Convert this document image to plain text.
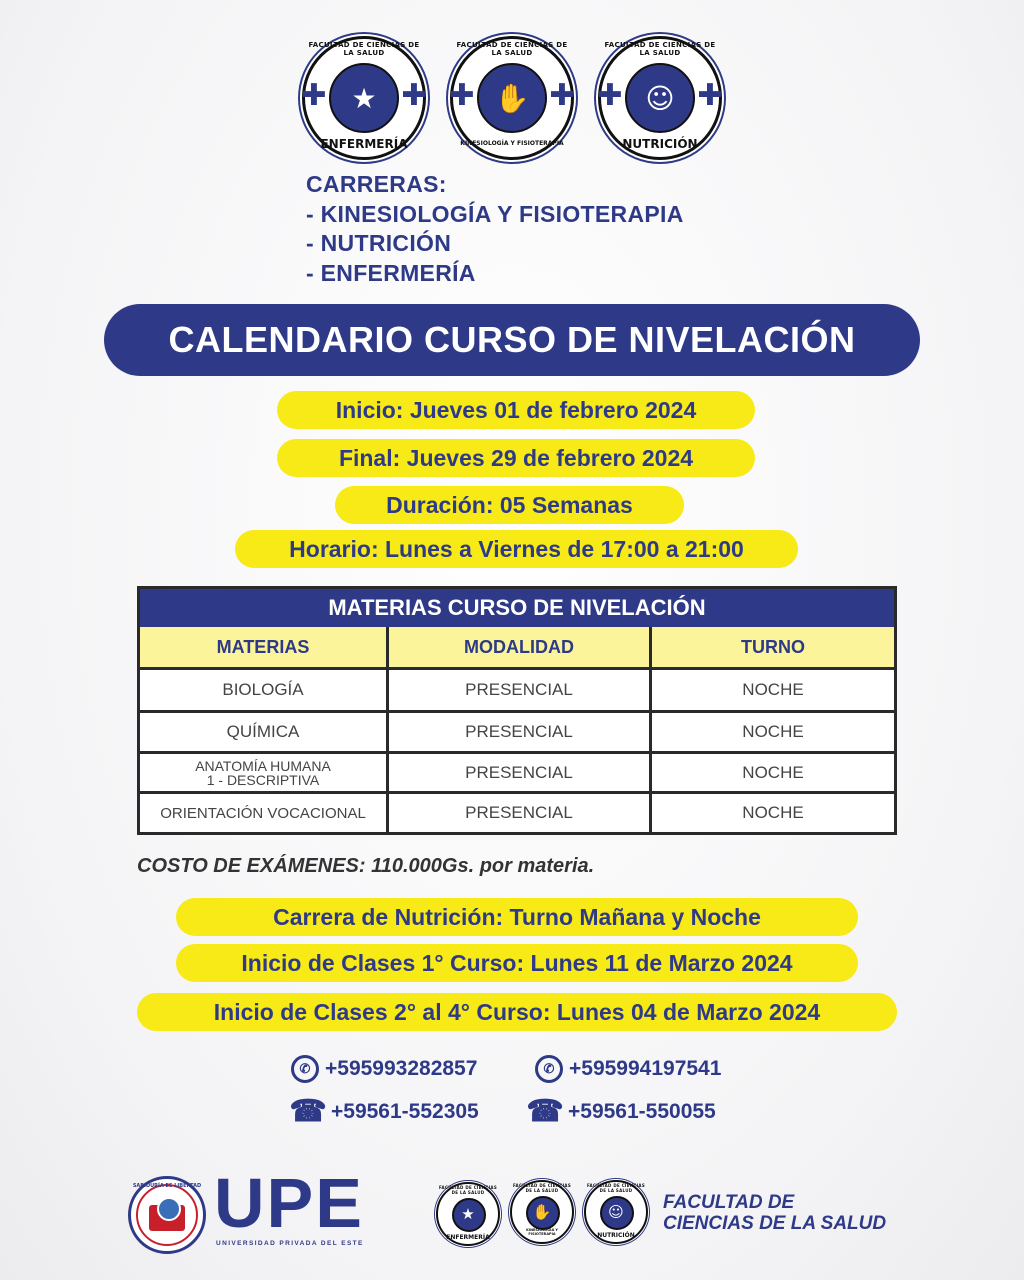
FACULTAD DE CIENCIAS DE LA SALUD
★
✚ ✚
ENFERMERÍA
FACULTAD DE CIENCIAS DE LA SALUD
✋
✚ ✚
KINESIOLOGÍA Y FISIOTERAPIA
FACULTAD DE CIENCIAS DE LA SALUD
☺
✚ ✚
NUTRICIÓN
CARRERAS:
- KINESIOLOGÍA Y FISIOTERAPIA
- NUTRICIÓN
- ENFERMERÍA
CALENDARIO CURSO DE NIVELACIÓN
Inicio: Jueves 01 de febrero 2024
Final: Jueves 29 de febrero 2024
Duración: 05 Semanas
Horario: Lunes a Viernes de 17:00 a 21:00
MATERIAS CURSO DE NIVELACIÓN
MATERIAS	MODALIDAD	TURNO
BIOLOGÍA	PRESENCIAL	NOCHE
QUÍMICA	PRESENCIAL	NOCHE
ANATOMÍA HUMANA
1 - DESCRIPTIVA	PRESENCIAL	NOCHE
ORIENTACIÓN VOCACIONAL	PRESENCIAL	NOCHE
COSTO DE EXÁMENES: 110.000Gs. por materia.
Carrera de Nutrición: Turno Mañana y Noche
Inicio de Clases 1° Curso: Lunes 11 de Marzo 2024
Inicio de Clases 2° al 4° Curso: Lunes 04 de Marzo 2024
✆ +595993282857	✆ +595994197541
☎ +59561-552305 ☎ +59561-550055
SABIDURÍA ES LIBERTAD UPE
UNIVERSIDAD PRIVADA DEL ESTE
FACULTAD DE CIENCIAS DE LA SALUD
★
ENFERMERÍA
FACULTAD DE CIENCIAS DE LA SALUD
✋
KINESIOLOGÍA Y FISIOTERAPIA
FACULTAD DE CIENCIAS DE LA SALUD
☺
NUTRICIÓN
FACULTAD DE
CIENCIAS DE LA SALUD
